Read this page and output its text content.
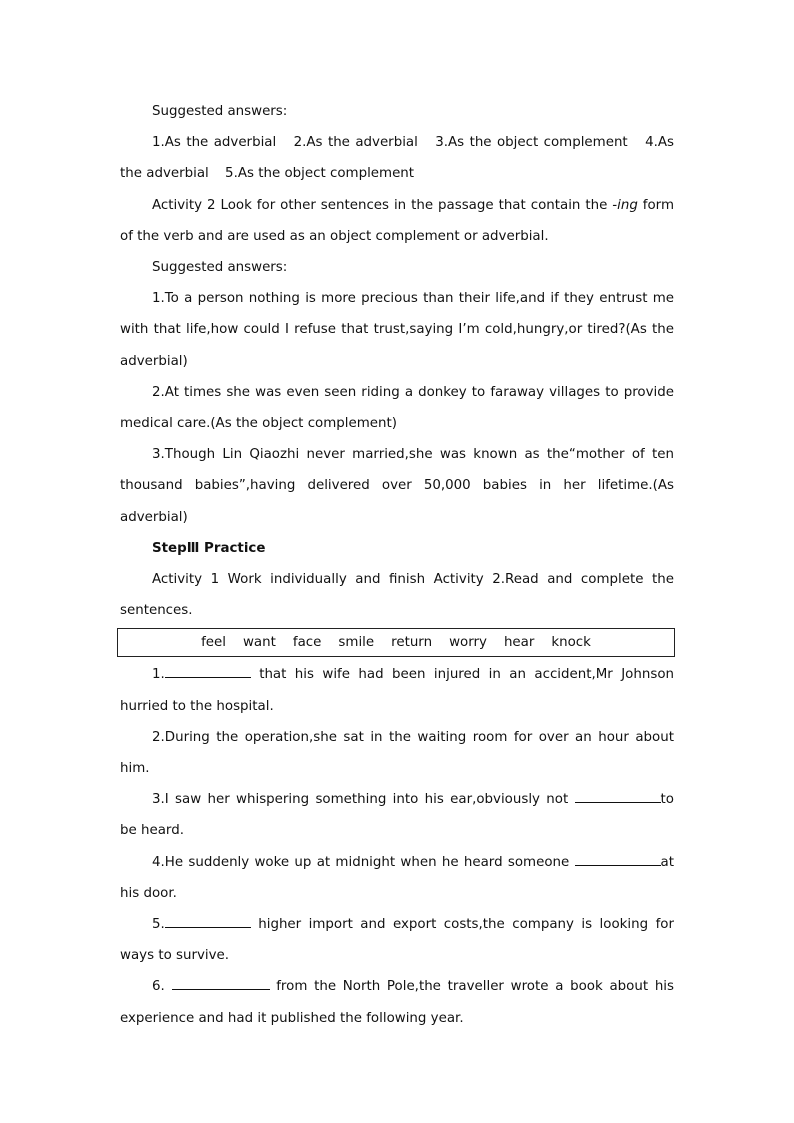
Suggested answers:

1.As the adverbial 2.As the adverbial 3.As the object complement 4.As the adverbial 5.As the object complement

Activity 2 Look for other sentences in the passage that contain the -ing form of the verb and are used as an object complement or adverbial.

Suggested answers:

1.To a person nothing is more precious than their life,and if they entrust me with that life,how could I refuse that trust,saying I’m cold,hungry,or tired?(As the adverbial)

2.At times she was even seen riding a donkey to faraway villages to provide medical care.(As the object complement)

3.Though Lin Qiaozhi never married,she was known as the“mother of ten thousand babies”,having delivered over 50,000 babies in her lifetime.(As adverbial)

StepⅢ Practice

Activity 1 Work individually and finish Activity 2.Read and complete the sentences.

feel want face smile return worry hear knock

1.	that his wife had been injured in an accident,Mr Johnson hurried to the hospital.

2.During the operation,she sat in the waiting room for over an hour about him.

3.I saw her whispering something into his ear,obviously not	to be heard.

4.He suddenly woke up at midnight when he heard someone	at his door.

5.	higher import and export costs,the company is looking for ways to survive.

6.	from the North Pole,the traveller wrote a book about his experience and had it published the following year.
